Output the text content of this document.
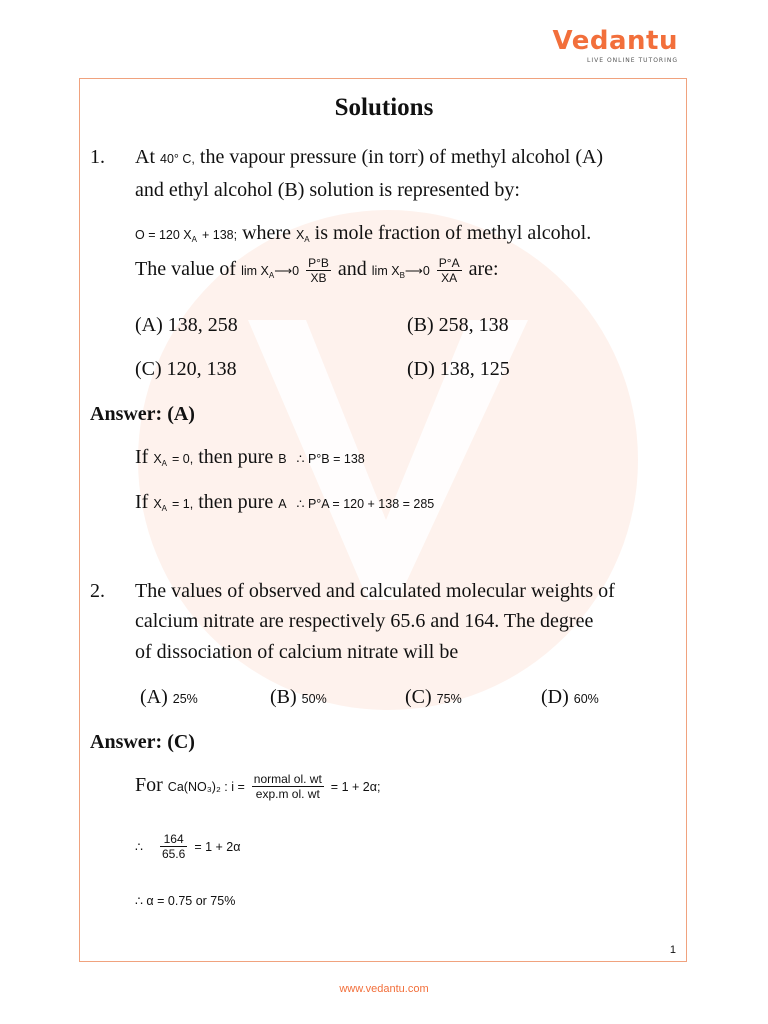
Vedantu
LIVE ONLINE TUTORING
Solutions
1. At 40° C, the vapour pressure (in torr) of methyl alcohol (A)
and ethyl alcohol (B) solution is represented by:
O = 120 $X_A + 138$; where $X_A$ is mole fraction of methyl alcohol.
The value of $\lim X_A⟶0 \frac{P^\circ B}{XB}$ and $\lim X_B⟶0 \frac{P^\circ A}{XA}$ are:
(A) 138, 258	(B) 258, 138
(C) 120, 138	(D) 138, 125
Answer: (A)
If $X_A = 0$, then pure B ∴ P°B = 138
If $X_A = 1$, then pure A ∴ P°A = 120 + 138 = 285
2. The values of observed and calculated molecular weights of
calcium nitrate are respectively 65.6 and 164. The degree
of dissociation of calcium nitrate will be
(A) 25%	(B) 50%	(C) 75%	(D) 60%
Answer: (C)
For Ca(NO₃)₂ : $i = \frac{\text{normal ol. wt}}{\text{exp.m ol. wt}} = 1 + 2\alpha$;
∴ $\frac{164}{65.6} = 1 + 2\alpha$
∴ α = 0.75 or 75%
1
www.vedantu.com
